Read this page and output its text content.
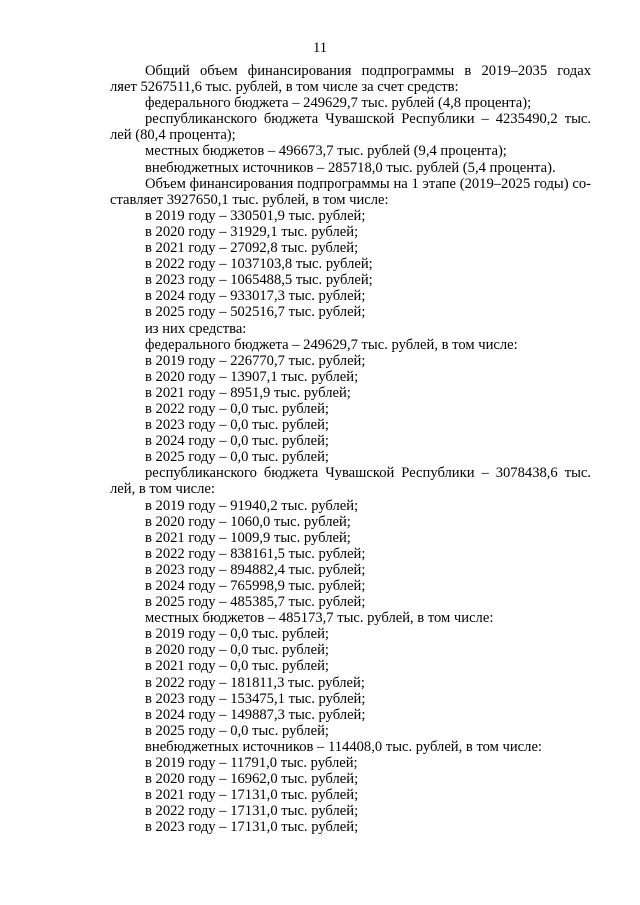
11
Общий объем финансирования подпрограммы в 2019–2035 годах
ляет 5267511,6 тыс. рублей, в том числе за счет средств:
федерального бюджета – 249629,7 тыс. рублей (4,8 процента);
республиканского бюджета Чувашской Республики – 4235490,2 тыс.
лей (80,4 процента);
местных бюджетов – 496673,7 тыс. рублей (9,4 процента);
внебюджетных источников – 285718,0 тыс. рублей (5,4 процента).
Объем финансирования подпрограммы на 1 этапе (2019–2025 годы) со-
ставляет 3927650,1 тыс. рублей, в том числе:
в 2019 году – 330501,9 тыс. рублей;
в 2020 году – 31929,1 тыс. рублей;
в 2021 году – 27092,8 тыс. рублей;
в 2022 году – 1037103,8 тыс. рублей;
в 2023 году – 1065488,5 тыс. рублей;
в 2024 году – 933017,3 тыс. рублей;
в 2025 году – 502516,7 тыс. рублей;
из них средства:
федерального бюджета – 249629,7 тыс. рублей, в том числе:
в 2019 году – 226770,7 тыс. рублей;
в 2020 году – 13907,1 тыс. рублей;
в 2021 году – 8951,9 тыс. рублей;
в 2022 году – 0,0 тыс. рублей;
в 2023 году – 0,0 тыс. рублей;
в 2024 году – 0,0 тыс. рублей;
в 2025 году – 0,0 тыс. рублей;
республиканского бюджета Чувашской Республики – 3078438,6 тыс.
лей, в том числе:
в 2019 году – 91940,2 тыс. рублей;
в 2020 году – 1060,0 тыс. рублей;
в 2021 году – 1009,9 тыс. рублей;
в 2022 году – 838161,5 тыс. рублей;
в 2023 году – 894882,4 тыс. рублей;
в 2024 году – 765998,9 тыс. рублей;
в 2025 году – 485385,7 тыс. рублей;
местных бюджетов – 485173,7 тыс. рублей, в том числе:
в 2019 году – 0,0 тыс. рублей;
в 2020 году – 0,0 тыс. рублей;
в 2021 году – 0,0 тыс. рублей;
в 2022 году – 181811,3 тыс. рублей;
в 2023 году – 153475,1 тыс. рублей;
в 2024 году – 149887,3 тыс. рублей;
в 2025 году – 0,0 тыс. рублей;
внебюджетных источников – 114408,0 тыс. рублей, в том числе:
в 2019 году – 11791,0 тыс. рублей;
в 2020 году – 16962,0 тыс. рублей;
в 2021 году – 17131,0 тыс. рублей;
в 2022 году – 17131,0 тыс. рублей;
в 2023 году – 17131,0 тыс. рублей;
